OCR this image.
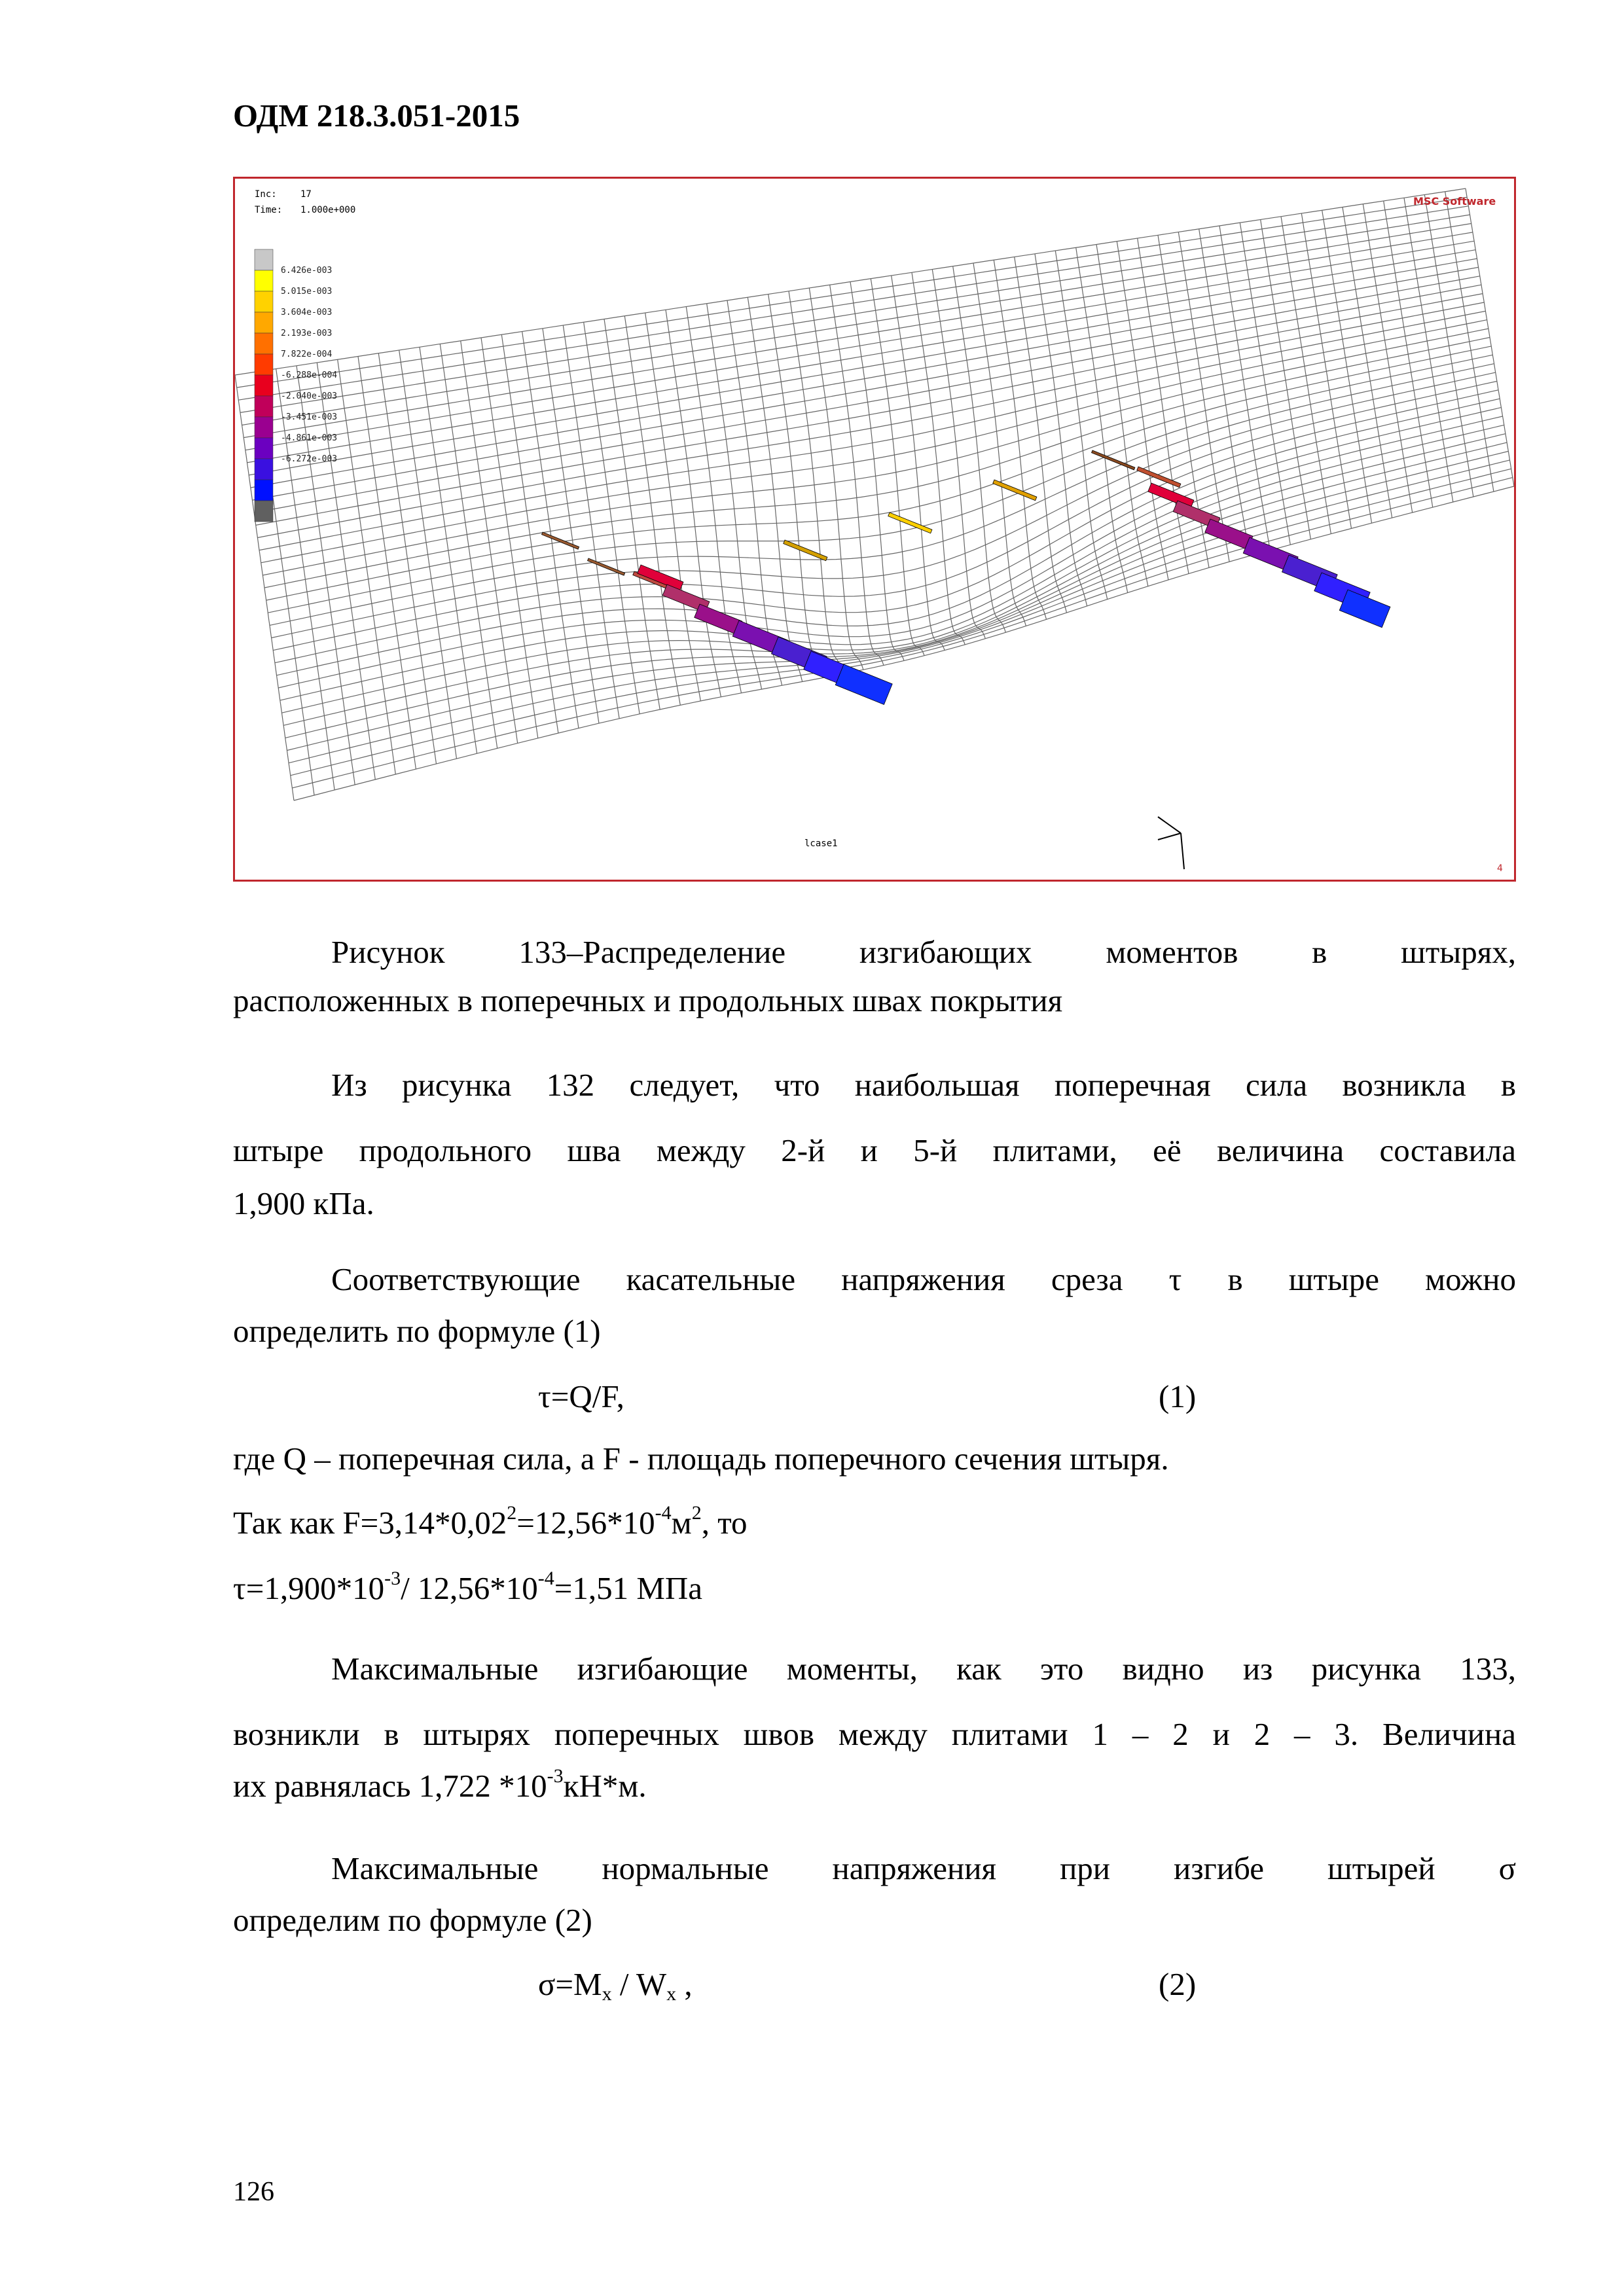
ОДМ 218.3.051-2015
6.426e-003
5.015e-003
3.604e-003
2.193e-003
7.822e-004
-6.288e-004
-2.040e-003
-3.451e-003
-4.861e-003
-6.272e-003
Inc:	17
Time: 1.000e+000
MSC Software
lcase1
4
Рисунок 133–Распределение изгибающих моментов в штырях,
расположенных в поперечных и продольных швах покрытия
Из рисунка 132 следует, что наибольшая поперечная сила возникла в
штыре продольного шва между 2-й и 5-й плитами, её величина составила
1,900 кПа.
Соответствующие касательные напряжения среза τ в штыре можно
определить по формуле (1)
τ=Q/F,	(1)
где Q – поперечная сила, а F - площадь поперечного сечения штыря.
Так как $F=3,14*0,02^2=12,56*10^{-4}м^2$, то
$\tau=1,900*10^{-3}/$ $12,56*10^{-4}=1,51$ МПа
Максимальные изгибающие моменты, как это видно из рисунка 133,
возникли в штырях поперечных швов между плитами 1 – 2 и 2 – 3. Величина
их равнялась 1,722 $*10^{-3}кН*м$.
Максимальные нормальные напряжения при изгибе штырей σ
определим по формуле (2)
$\sigma=M_x / W_x$ ,	(2)
126
